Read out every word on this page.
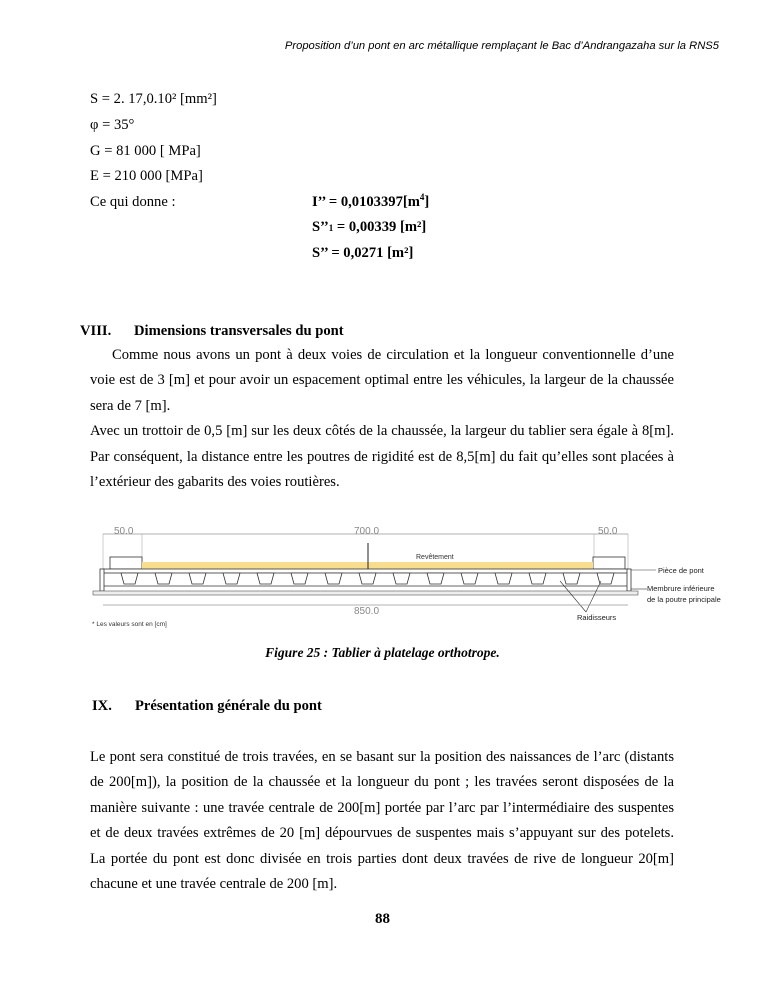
Proposition d’un pont en arc métallique remplaçant le Bac d’Andrangazaha sur la RNS5
S = 2. 17,0.10² [mm²]
φ = 35°
G = 81 000 [ MPa]
E = 210 000 [MPa]
Ce qui donne :	I’’ = $0,0103397[m^4]$
S’’1 = 0,00339 [m²]
S’’ = 0,0271 [m²]
VIII. Dimensions transversales du pont

Comme nous avons un pont à deux voies de circulation et la longueur conventionnelle d’une voie est de 3 [m] et pour avoir un espacement optimal entre les véhicules, la largeur de la chaussée sera de 7 [m].

Avec un trottoir de 0,5 [m] sur les deux côtés de la chaussée, la largeur du tablier sera égale à 8[m]. Par conséquent, la distance entre les poutres de rigidité est de 8,5[m] du fait qu’elles sont placées à l’extérieur des gabarits des voies routières.

50.0	700.0	50.0
Revêtement
Pièce de pont
Membrure inférieure
de la poutre principale
850.0
Raidisseurs
* Les valeurs sont en [cm]
Figure 25 : Tablier à platelage orthotrope.
IX. Présentation générale du pont

Le pont sera constitué de trois travées, en se basant sur la position des naissances de l’arc (distants de 200[m]), la position de la chaussée et la longueur du pont ; les travées seront disposées de la manière suivante : une travée centrale de 200[m] portée par l’arc par l’intermédiaire des suspentes et de deux travées extrêmes de 20 [m] dépourvues de suspentes mais s’appuyant sur des potelets. La portée du pont est donc divisée en trois parties dont deux travées de rive de longueur 20[m] chacune et une travée centrale de 200 [m].

88
